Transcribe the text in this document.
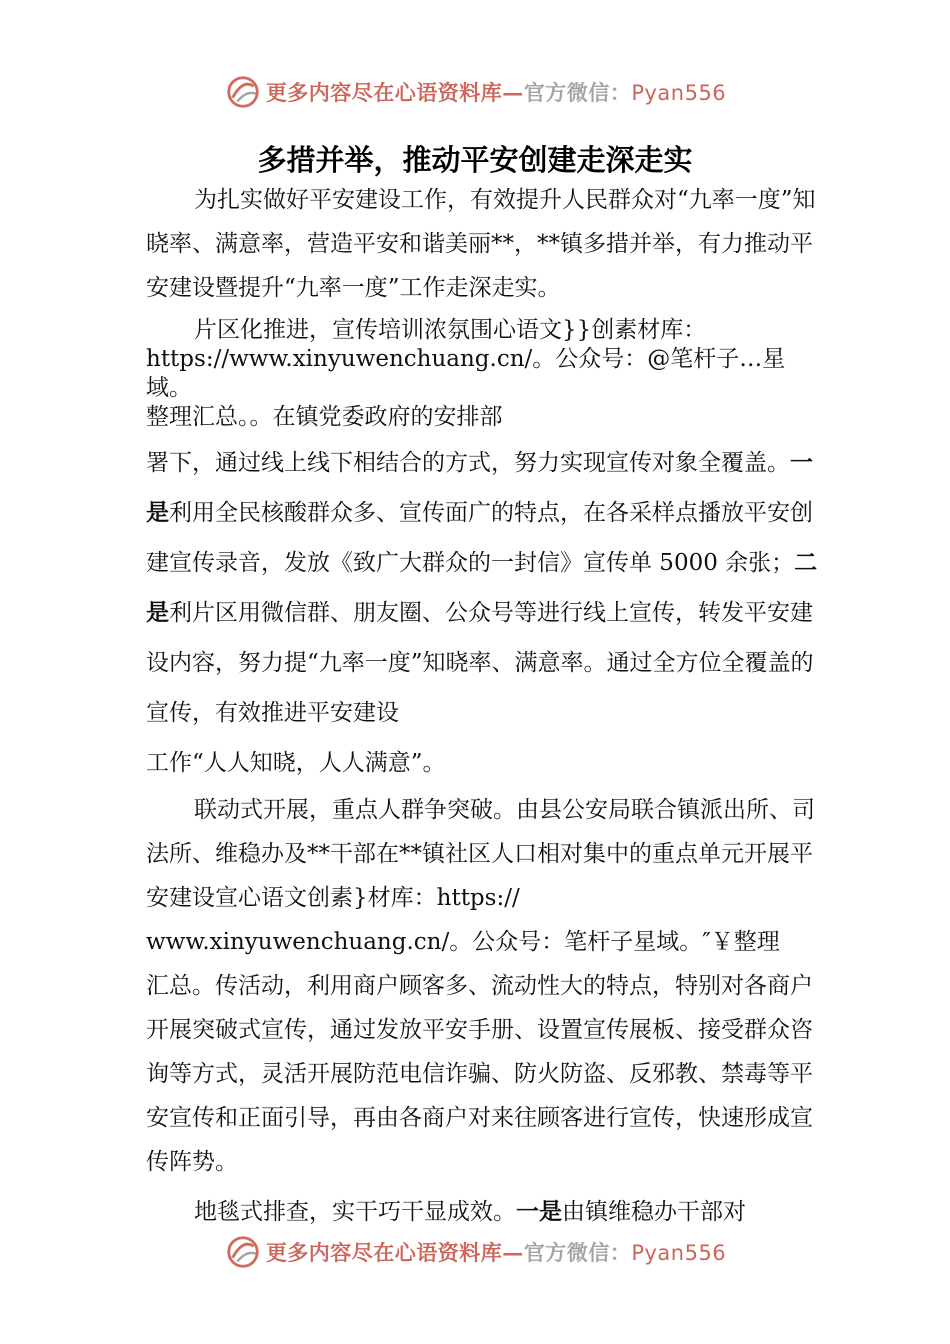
更多内容尽在心语资料库—官方微信：Pyan556
多措并举，推动平安创建走深走实

为扎实做好平安建设工作，有效提升人民群众对“九率一度”知晓率、满意率，营造平安和谐美丽**，**镇多措并举，有力推动平安建设暨提升“九率一度”工作走深走实。

片区化推进，宣传培训浓氛围心语文}}创素材库：
https://www.xinyuwenchuang.cn/。公众号：@笔杆子…星域。
整理汇总。。在镇党委政府的安排部

署下，通过线上线下相结合的方式，努力实现宣传对象全覆盖。一是利用全民核酸群众多、宣传面广的特点，在各采样点播放平安创建宣传录音，发放《致广大群众的一封信》宣传单 5000 余张；二是利片区用微信群、朋友圈、公众号等进行线上宣传，转发平安建设内容，努力提“九率一度”知晓率、满意率。通过全方位全覆盖的宣传，有效推进平安建设

工作“人人知晓，人人满意”。

联动式开展，重点人群争突破。由县公安局联合镇派出所、司法所、维稳办及**干部在**镇社区人口相对集中的重点单元开展平安建设宣心语文创素}材库：https://

www.xinyuwenchuang.cn/。公众号：笔杆子星域。″￥整理

汇总。传活动，利用商户顾客多、流动性大的特点，特别对各商户开展突破式宣传，通过发放平安手册、设置宣传展板、接受群众咨询等方式，灵活开展防范电信诈骗、防火防盗、反邪教、禁毒等平安宣传和正面引导，再由各商户对来往顾客进行宣传，快速形成宣传阵势。

地毯式排查，实干巧干显成效。一是由镇维稳办干部对

更多内容尽在心语资料库—官方微信：Pyan556
